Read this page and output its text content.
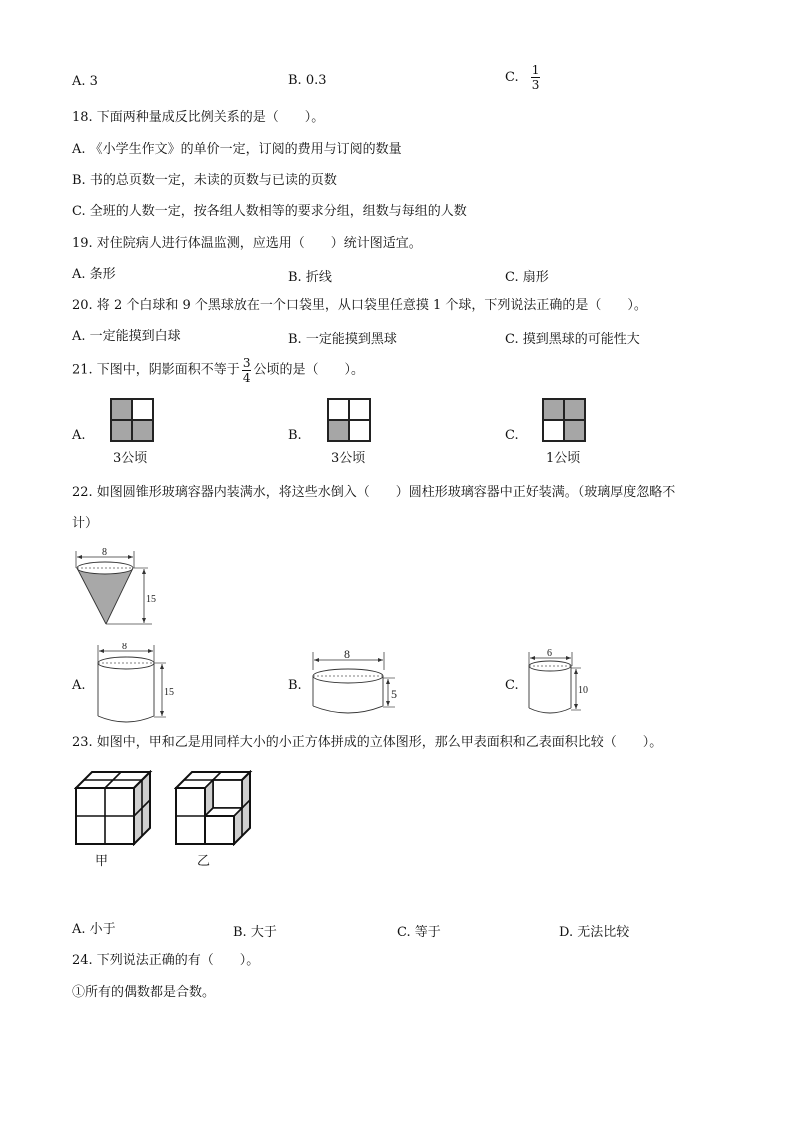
A. 3	B. 0.3	C. $\frac{1}{3}$
18. 下面两种量成反比例关系的是（　　）。
A. 《小学生作文》的单价一定，订阅的费用与订阅的数量
B. 书的总页数一定，未读的页数与已读的页数
C. 全班的人数一定，按各组人数相等的要求分组，组数与每组的人数
19. 对住院病人进行体温监测，应选用（　　）统计图适宜。
A. 条形	B. 折线	C. 扇形
20. 将 2 个白球和 9 个黑球放在一个口袋里，从口袋里任意摸 1 个球，下列说法正确的是（　　）。
A. 一定能摸到白球	B. 一定能摸到黑球	C. 摸到黑球的可能性大
21. 下图中，阴影面积不等于 $\frac{3}{4}$ 公顷的是（　　）。
A.
3公顷
B.
3公顷
C.
1公顷
22. 如图圆锥形玻璃容器内装满水，将这些水倒入（　　）圆柱形玻璃容器中正好装满。（玻璃厚度忽略不
计）
8
15
A.
8
15	B.
8
5
C.
6
10
23. 如图中，甲和乙是用同样大小的小正方体拼成的立体图形，那么甲表面积和乙表面积比较（　　）。
甲	乙
A. 小于	B. 大于	C. 等于	D. 无法比较
24. 下列说法正确的有（　　）。
①所有的偶数都是合数。
